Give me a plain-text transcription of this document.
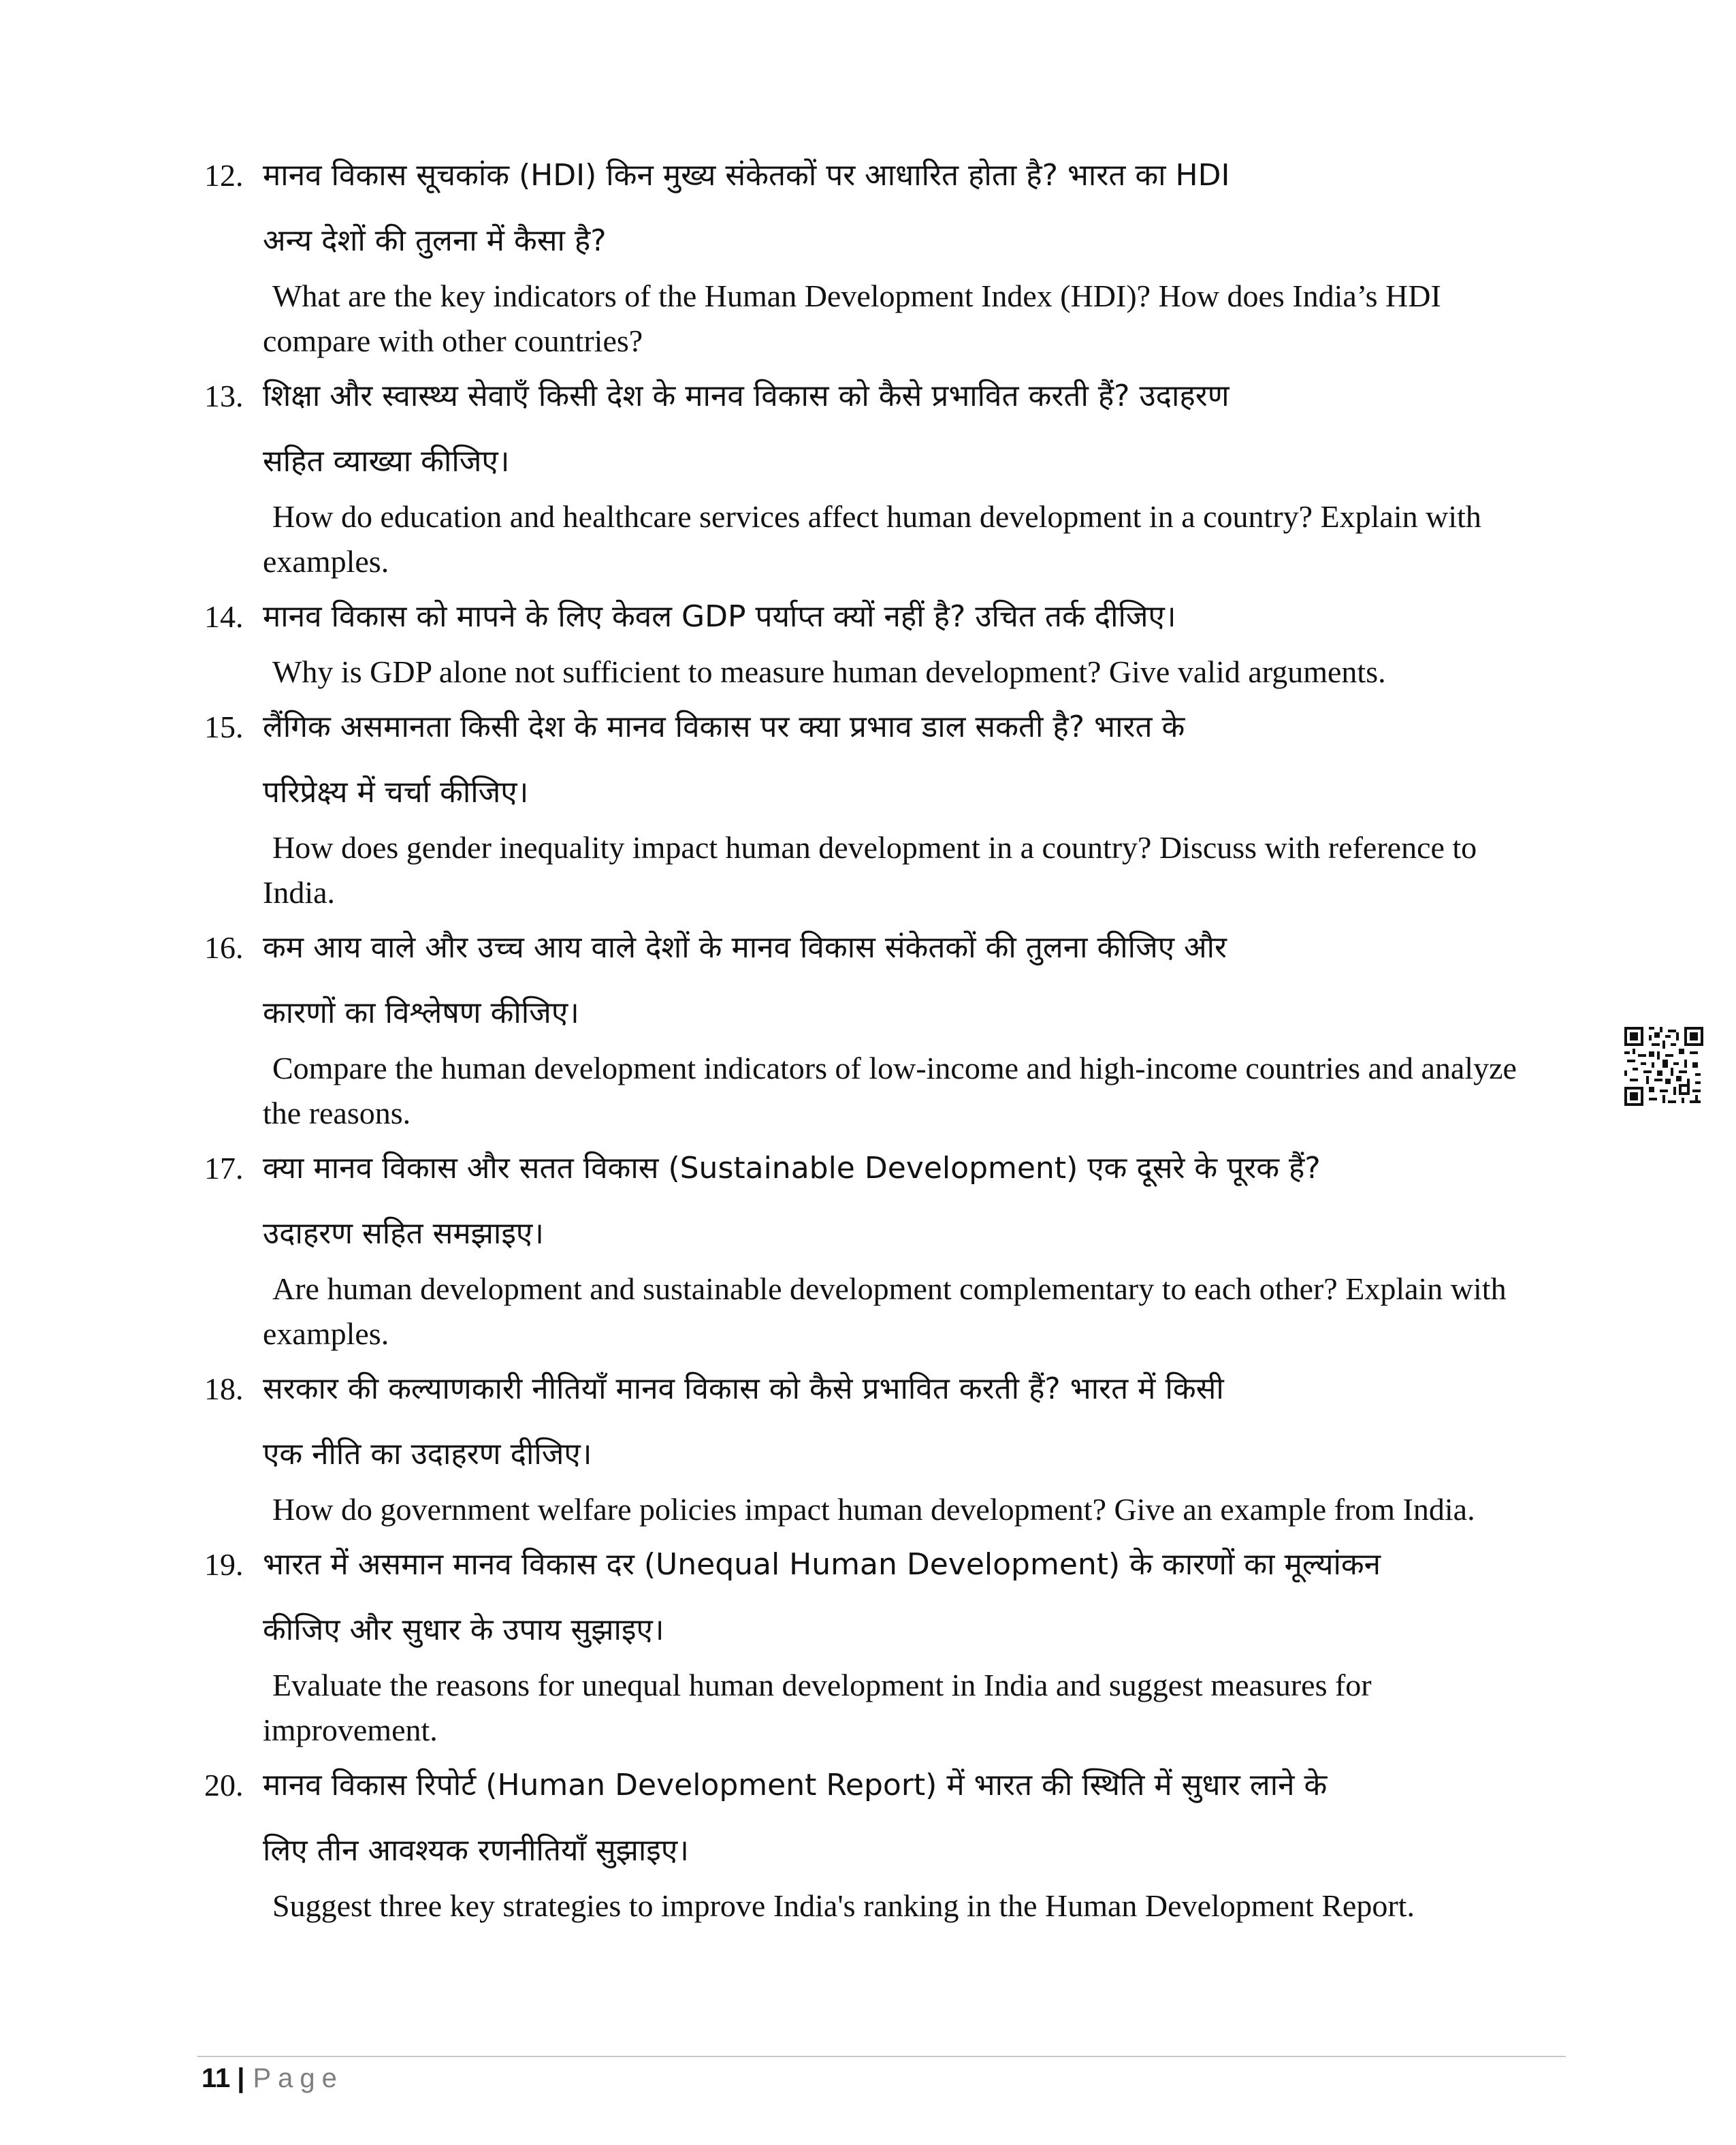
12. मानव विकास सूचकांक (HDI) किन मुख्य संकेतकों पर आधारित होता है? भारत का HDI
अन्य देशों की तुलना में कैसा है?
What are the key indicators of the Human Development Index (HDI)? How does India’s HDI compare with other countries?
13. शिक्षा और स्वास्थ्य सेवाएँ किसी देश के मानव विकास को कैसे प्रभावित करती हैं? उदाहरण
सहित व्याख्या कीजिए।
How do education and healthcare services affect human development in a country? Explain with examples.
14. मानव विकास को मापने के लिए केवल GDP पर्याप्त क्यों नहीं है? उचित तर्क दीजिए।
Why is GDP alone not sufficient to measure human development? Give valid arguments.
15. लैंगिक असमानता किसी देश के मानव विकास पर क्या प्रभाव डाल सकती है? भारत के
परिप्रेक्ष्य में चर्चा कीजिए।
How does gender inequality impact human development in a country? Discuss with reference to India.
16. कम आय वाले और उच्च आय वाले देशों के मानव विकास संकेतकों की तुलना कीजिए और
कारणों का विश्लेषण कीजिए।
Compare the human development indicators of low-income and high-income countries and analyze the reasons.
17. क्या मानव विकास और सतत विकास (Sustainable Development) एक दूसरे के पूरक हैं?
उदाहरण सहित समझाइए।
Are human development and sustainable development complementary to each other? Explain with examples.
18. सरकार की कल्याणकारी नीतियाँ मानव विकास को कैसे प्रभावित करती हैं? भारत में किसी
एक नीति का उदाहरण दीजिए।
How do government welfare policies impact human development? Give an example from India.
19. भारत में असमान मानव विकास दर (Unequal Human Development) के कारणों का मूल्यांकन
कीजिए और सुधार के उपाय सुझाइए।
Evaluate the reasons for unequal human development in India and suggest measures for improvement.
20. मानव विकास रिपोर्ट (Human Development Report) में भारत की स्थिति में सुधार लाने के
लिए तीन आवश्यक रणनीतियाँ सुझाइए।
Suggest three key strategies to improve India's ranking in the Human Development Report.
11 | Page
